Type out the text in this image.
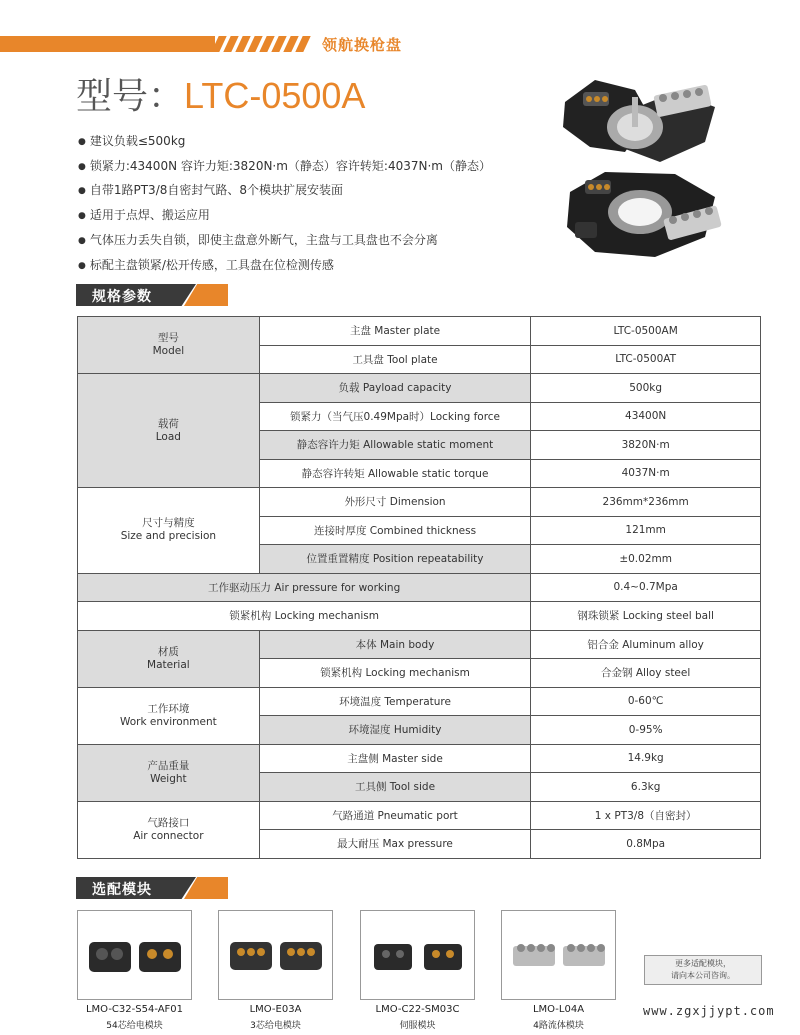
领航换枪盘
型号：LTC-0500A
● 建议负载≤500kg
● 锁紧力:43400N 容许力矩:3820N·m（静态）容许转矩:4037N·m（静态）
● 自带1路PT3/8自密封气路、8个模块扩展安装面
● 适用于点焊、搬运应用
● 气体压力丢失自锁，即使主盘意外断气，主盘与工具盘也不会分离
● 标配主盘锁紧/松开传感，工具盘在位检测传感
规格参数
型号
Model	主盘 Master plate	LTC-0500AM
	工具盘 Tool plate	LTC-0500AT

载荷
Load	负载 Payload capacity	500kg
	锁紧力（当气压0.49Mpa时）Locking force	43400N
	静态容许力矩 Allowable static moment	3820N·m
	静态容许转矩 Allowable static torque	4037N·m

尺寸与精度
Size and precision	外形尺寸 Dimension	236mm*236mm
	连接时厚度 Combined thickness	121mm
	位置重置精度 Position repeatability	±0.02mm
工作驱动压力 Air pressure for working		0.4~0.7Mpa
锁紧机构 Locking mechanism		钢珠锁紧 Locking steel ball

材质
Material	本体 Main body	铝合金 Aluminum alloy
	锁紧机构 Locking mechanism	合金钢 Alloy steel

工作环境
Work environment	环境温度 Temperature	0-60℃
	环境湿度 Humidity	0-95%

产品重量
Weight	主盘侧 Master side	14.9kg
	工具侧 Tool side	6.3kg

气路接口
Air connector	气路通道 Pneumatic port	1 x PT3/8（自密封）
	最大耐压 Max pressure	0.8Mpa
选配模块
LMO-C32-S54-AF01
54芯给电模块
LMO-E03A
3芯给电模块
LMO-C22-SM03C
伺服模块
LMO-L04A
4路流体模块
更多适配模块，
请向本公司咨询。
www.zgxjjypt.com
